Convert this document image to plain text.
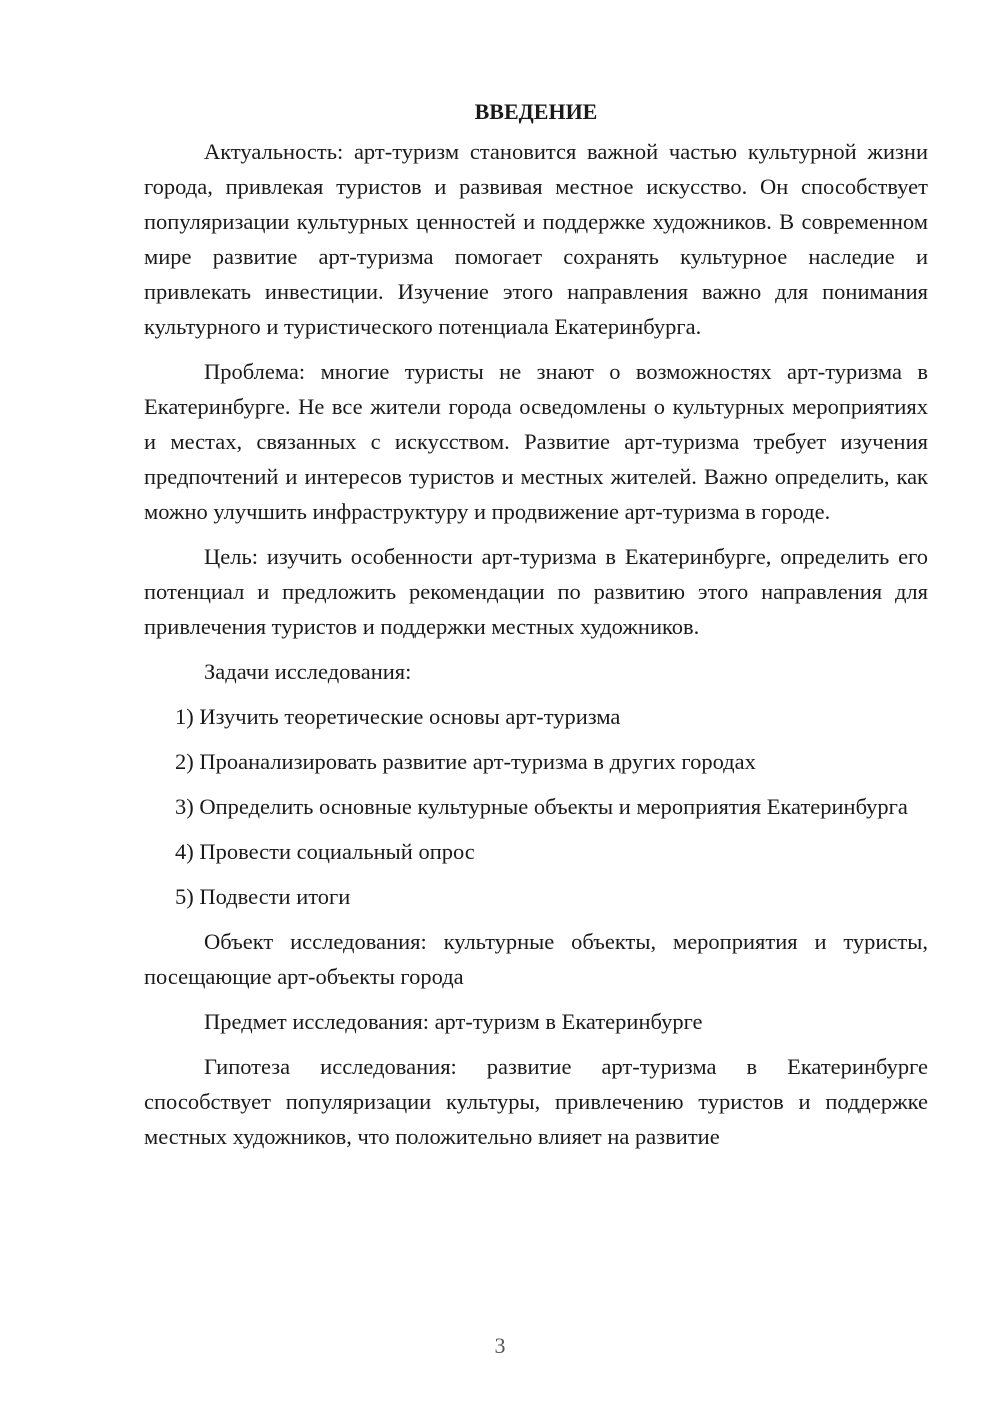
ВВЕДЕНИЕ

Актуальность: арт-туризм становится важной частью культурной жизни города, привлекая туристов и развивая местное искусство. Он способствует популяризации культурных ценностей и поддержке художников. В современном мире развитие арт-туризма помогает сохранять культурное наследие и привлекать инвестиции. Изучение этого направления важно для понимания культурного и туристического потенциала Екатеринбурга.

Проблема: многие туристы не знают о возможностях арт-туризма в Екатеринбурге. Не все жители города осведомлены о культурных мероприятиях и местах, связанных с искусством. Развитие арт-туризма требует изучения предпочтений и интересов туристов и местных жителей. Важно определить, как можно улучшить инфраструктуру и продвижение арт-туризма в городе.

Цель: изучить особенности арт-туризма в Екатеринбурге, определить его потенциал и предложить рекомендации по развитию этого направления для привлечения туристов и поддержки местных художников.

Задачи исследования:

1) Изучить теоретические основы арт-туризма

2) Проанализировать развитие арт-туризма в других городах

3) Определить основные культурные объекты и мероприятия Екатеринбурга

4) Провести социальный опрос

5) Подвести итоги

Объект исследования: культурные объекты, мероприятия и туристы, посещающие арт-объекты города

Предмет исследования: арт-туризм в Екатеринбурге

Гипотеза исследования: развитие арт-туризма в Екатеринбурге способствует популяризации культуры, привлечению туристов и поддержке местных художников, что положительно влияет на развитие

3
